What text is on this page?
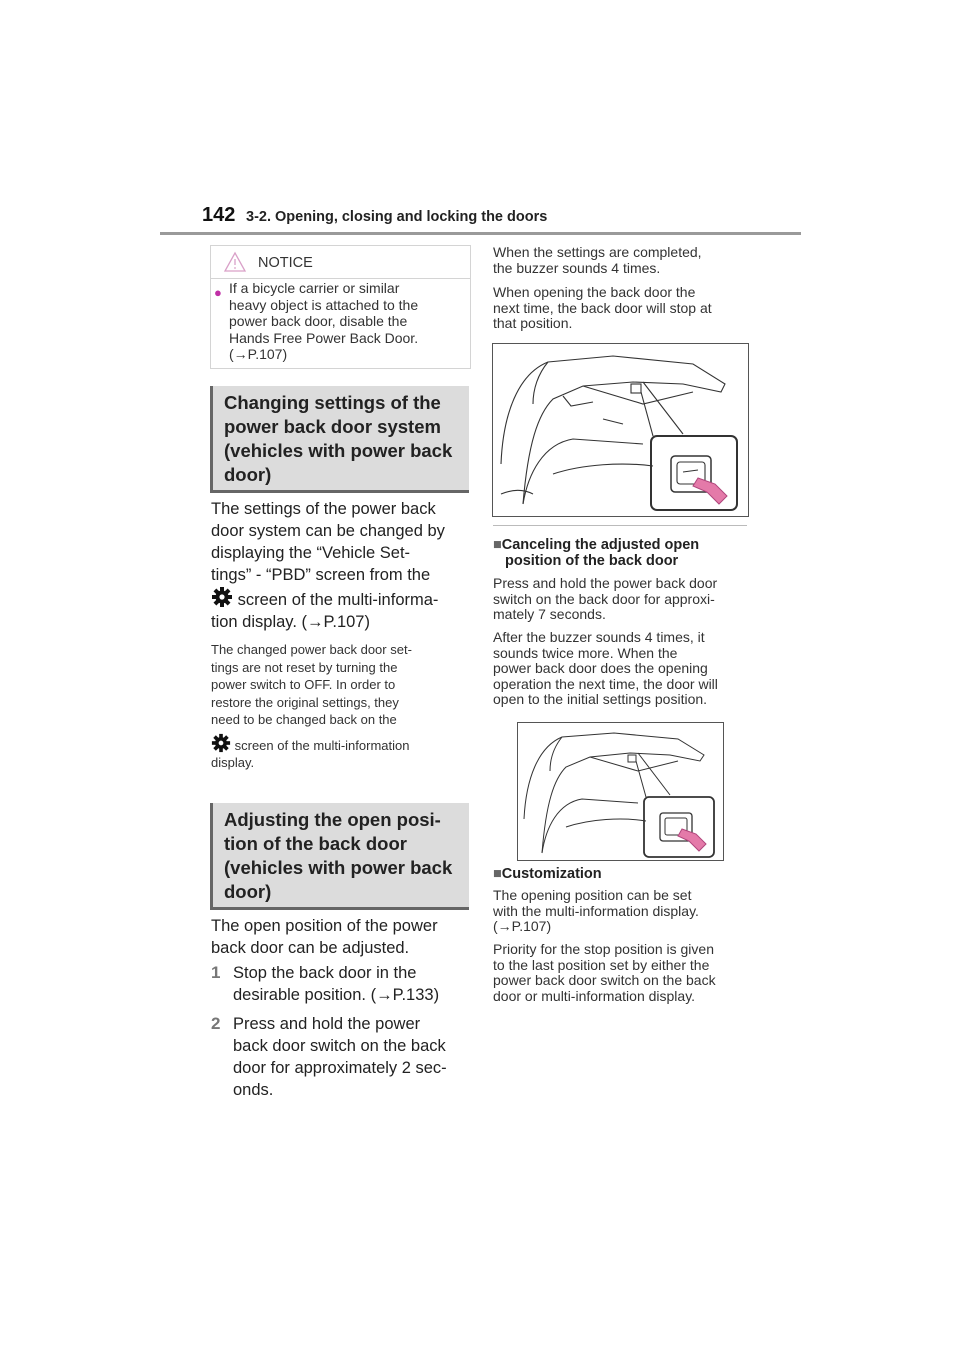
142 3-2. Opening, closing and locking the doors
NOTICE
● If a bicycle carrier or similar
heavy object is attached to the
power back door, disable the
Hands Free Power Back Door.
(→P.107)
Changing settings of the
power back door system
(vehicles with power back
door)
The settings of the power back
door system can be changed by
displaying the “Vehicle Set-
tings” - “PBD” screen from the
screen of the multi-informa-
tion display. (→P.107)
The changed power back door set-
tings are not reset by turning the
power switch to OFF. In order to
restore the original settings, they
need to be changed back on the
screen of the multi-information
display.
Adjusting the open posi-
tion of the back door
(vehicles with power back
door)
The open position of the power
back door can be adjusted.
1 Stop the back door in the
desirable position. (→P.133)
2 Press and hold the power
back door switch on the back
door for approximately 2 sec-
onds.
When the settings are completed,
the buzzer sounds 4 times.
When opening the back door the
next time, the back door will stop at
that position.
■Canceling the adjusted open
position of the back door
Press and hold the power back door
switch on the back door for approxi-
mately 7 seconds.
After the buzzer sounds 4 times, it
sounds twice more. When the
power back door does the opening
operation the next time, the door will
open to the initial settings position.
■Customization
The opening position can be set
with the multi-information display.
(→P.107)
Priority for the stop position is given
to the last position set by either the
power back door switch on the back
door or multi-information display.
